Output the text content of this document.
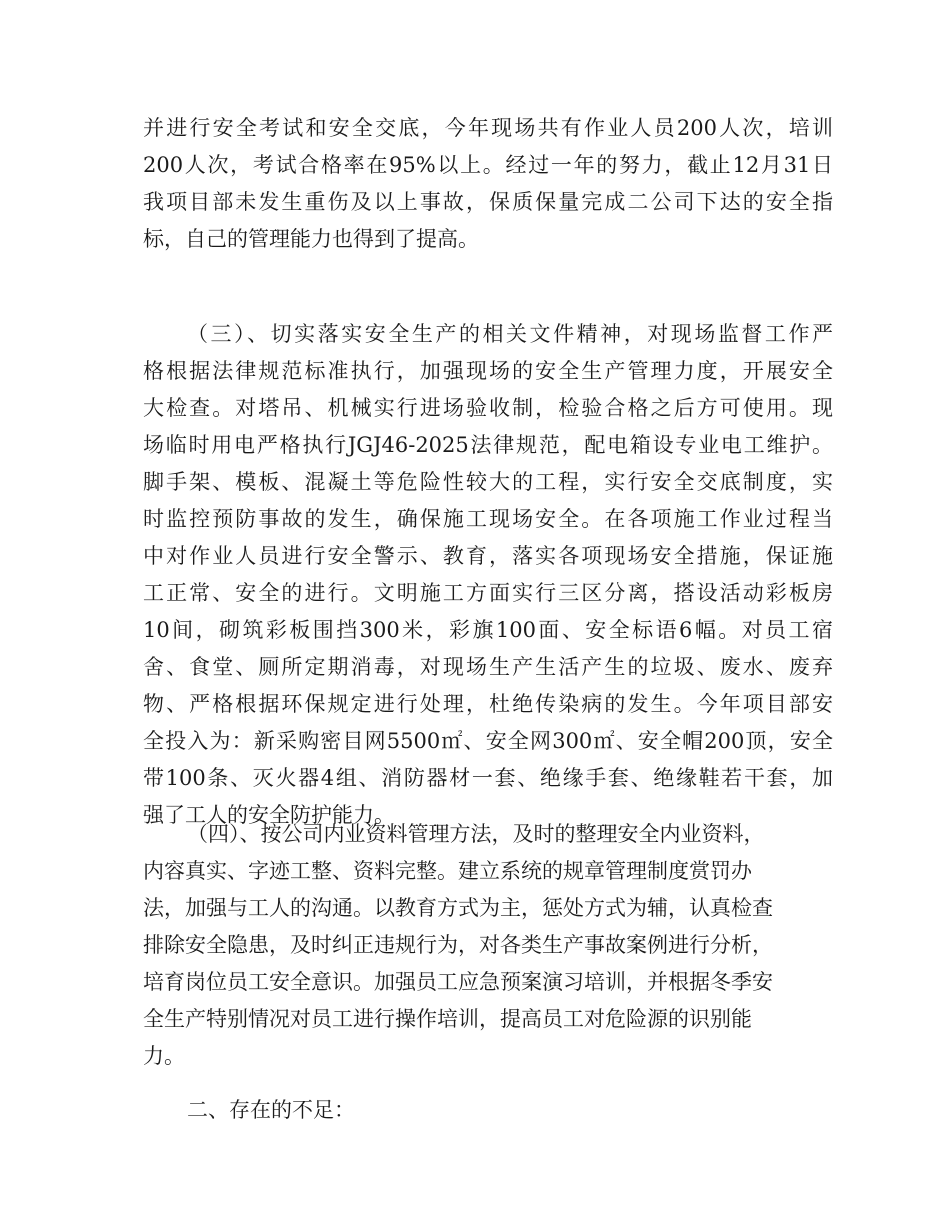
并进行安全考试和安全交底，今年现场共有作业人员200人次，培训

200人次，考试合格率在95%以上。经过一年的努力，截止12月31日

我项目部未发生重伤及以上事故，保质保量完成二公司下达的安全指

标，自己的管理能力也得到了提高。

（三）、切实落实安全生产的相关文件精神，对现场监督工作严

格根据法律规范标准执行，加强现场的安全生产管理力度，开展安全

大检查。对塔吊、机械实行进场验收制，检验合格之后方可使用。现

场临时用电严格执行JGJ46-2025法律规范，配电箱设专业电工维护。

脚手架、模板、混凝土等危险性较大的工程，实行安全交底制度，实

时监控预防事故的发生，确保施工现场安全。在各项施工作业过程当

中对作业人员进行安全警示、教育，落实各项现场安全措施，保证施

工正常、安全的进行。文明施工方面实行三区分离，搭设活动彩板房

10间，砌筑彩板围挡300米，彩旗100面、安全标语6幅。对员工宿

舍、食堂、厕所定期消毒，对现场生产生活产生的垃圾、废水、废弃

物、严格根据环保规定进行处理，杜绝传染病的发生。今年项目部安

全投入为：新采购密目网5500㎡、安全网300㎡、安全帽200顶，安全

带100条、灭火器4组、消防器材一套、绝缘手套、绝缘鞋若干套，加

强了工人的安全防护能力。

（四）、按公司内业资料管理方法，及时的整理安全内业资料，

内容真实、字迹工整、资料完整。建立系统的规章管理制度赏罚办

法，加强与工人的沟通。以教育方式为主，惩处方式为辅，认真检查

排除安全隐患，及时纠正违规行为，对各类生产事故案例进行分析，

培育岗位员工安全意识。加强员工应急预案演习培训，并根据冬季安

全生产特别情况对员工进行操作培训，提高员工对危险源的识别能

力。

二、存在的不足：
